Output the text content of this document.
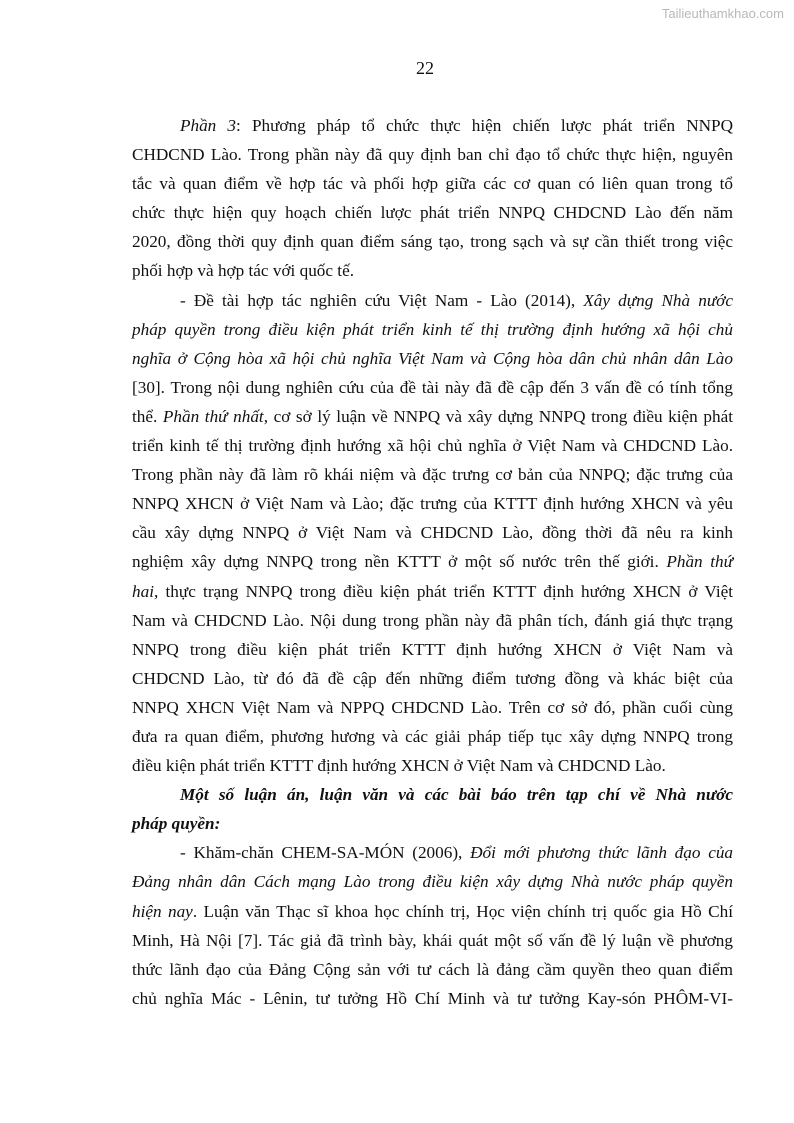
Tailieuthamkhao.com
22
Phần 3: Phương pháp tổ chức thực hiện chiến lược phát triển NNPQ
CHDCND Lào. Trong phần này đã quy định ban chỉ đạo tổ chức thực hiện, nguyên
tắc và quan điểm về hợp tác và phối hợp giữa các cơ quan có liên quan trong tổ
chức thực hiện quy hoạch chiến lược phát triển NNPQ CHDCND Lào đến năm
2020, đồng thời quy định quan điểm sáng tạo, trong sạch và sự cần thiết trong việc
phối hợp và hợp tác với quốc tế.
- Đề tài hợp tác nghiên cứu Việt Nam - Lào (2014), Xây dựng Nhà nước
pháp quyền trong điều kiện phát triển kinh tế thị trường định hướng xã hội chủ
nghĩa ở Cộng hòa xã hội chủ nghĩa Việt Nam và Cộng hòa dân chủ nhân dân Lào
[30]. Trong nội dung nghiên cứu của đề tài này đã đề cập đến 3 vấn đề có tính tổng
thể. Phần thứ nhất, cơ sở lý luận về NNPQ và xây dựng NNPQ trong điều kiện phát
triển kinh tế thị trường định hướng xã hội chủ nghĩa ở Việt Nam và CHDCND Lào.
Trong phần này đã làm rõ khái niệm và đặc trưng cơ bản của NNPQ; đặc trưng của
NNPQ XHCN ở Việt Nam và Lào; đặc trưng của KTTT định hướng XHCN và yêu
cầu xây dựng NNPQ ở Việt Nam và CHDCND Lào, đồng thời đã nêu ra kinh
nghiệm xây dựng NNPQ trong nền KTTT ở một số nước trên thế giới. Phần thứ
hai, thực trạng NNPQ trong điều kiện phát triển KTTT định hướng XHCN ở Việt
Nam và CHDCND Lào. Nội dung trong phần này đã phân tích, đánh giá thực trạng
NNPQ trong điều kiện phát triển KTTT định hướng XHCN ở Việt Nam và
CHDCND Lào, từ đó đã đề cập đến những điểm tương đồng và khác biệt của
NNPQ XHCN Việt Nam và NPPQ CHDCND Lào. Trên cơ sở đó, phần cuối cùng
đưa ra quan điểm, phương hương và các giải pháp tiếp tục xây dựng NNPQ trong
điều kiện phát triển KTTT định hướng XHCN ở Việt Nam và CHDCND Lào.
Một số luận án, luận văn và các bài báo trên tạp chí về Nhà nước
pháp quyền:
- Khăm-chăn CHEM-SA-MÓN (2006), Đổi mới phương thức lãnh đạo của
Đảng nhân dân Cách mạng Lào trong điều kiện xây dựng Nhà nước pháp quyền
hiện nay. Luận văn Thạc sĩ khoa học chính trị, Học viện chính trị quốc gia Hồ Chí
Minh, Hà Nội [7]. Tác giả đã trình bày, khái quát một số vấn đề lý luận về phương
thức lãnh đạo của Đảng Cộng sản với tư cách là đảng cầm quyền theo quan điểm
chủ nghĩa Mác - Lênin, tư tưởng Hồ Chí Minh và tư tưởng Kay-són PHÔM-VI-
